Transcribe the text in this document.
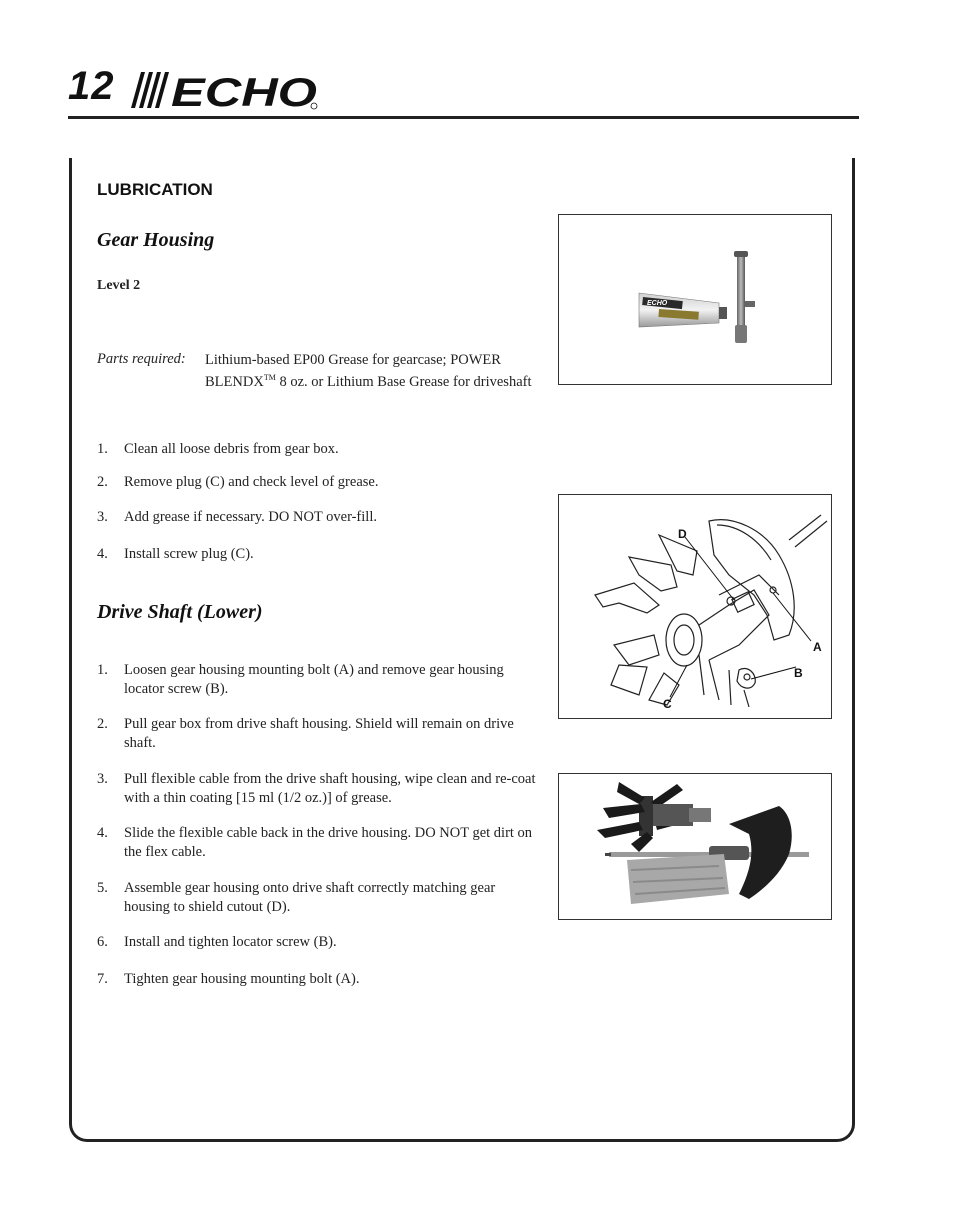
12 ECHO
LUBRICATION
Gear Housing
Level 2
Parts required: Lithium-based EP00 Grease for gearcase; POWER BLENDX™ 8 oz. or Lithium Base Grease for driveshaft
1.	Clean all loose debris from gear box.
2.	Remove plug (C) and check level of grease.
3.	Add grease if necessary. DO NOT over-fill.
4.	Install screw plug (C).
Drive Shaft (Lower)
1.	Loosen gear housing mounting bolt (A) and remove gear housing locator screw (B).
2.	Pull gear box from drive shaft housing. Shield will remain on drive shaft.
3.	Pull flexible cable from the drive shaft housing, wipe clean and re-coat with a thin coating [15 ml (1/2 oz.)] of grease.
4.	Slide the flexible cable back in the drive housing. DO NOT get dirt on the flex cable.
5.	Assemble gear housing onto drive shaft correctly matching gear housing to shield cutout (D).
6.	Install and tighten locator screw (B).
7.	Tighten gear housing mounting bolt (A).
ECHO
D
A
B
C
